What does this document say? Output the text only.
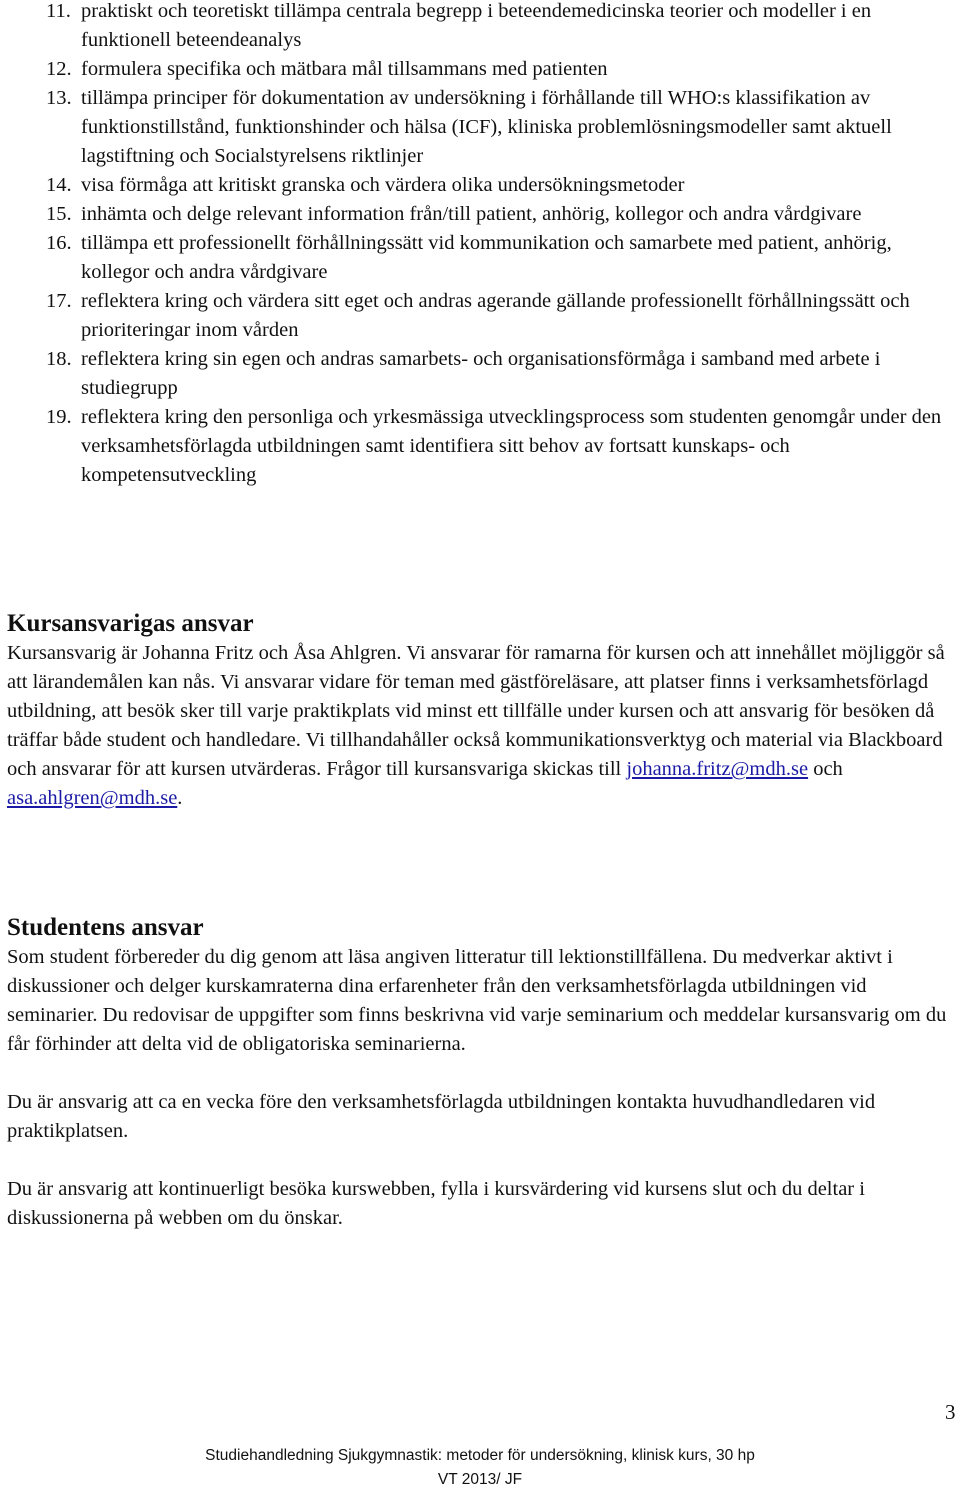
11. praktiskt och teoretiskt tillämpa centrala begrepp i beteendemedicinska teorier och modeller i en funktionell beteendeanalys
12. formulera specifika och mätbara mål tillsammans med patienten
13. tillämpa principer för dokumentation av undersökning i förhållande till WHO:s klassifikation av funktionstillstånd, funktionshinder och hälsa (ICF), kliniska problemlösningsmodeller samt aktuell lagstiftning och Socialstyrelsens riktlinjer
14. visa förmåga att kritiskt granska och värdera olika undersökningsmetoder
15. inhämta och delge relevant information från/till patient, anhörig, kollegor och andra vårdgivare
16. tillämpa ett professionellt förhållningssätt vid kommunikation och samarbete med patient, anhörig, kollegor och andra vårdgivare
17. reflektera kring och värdera sitt eget och andras agerande gällande professionellt förhållningssätt och prioriteringar inom vården
18. reflektera kring sin egen och andras samarbets- och organisationsförmåga i samband med arbete i studiegrupp
19. reflektera kring den personliga och yrkesmässiga utvecklingsprocess som studenten genomgår under den verksamhetsförlagda utbildningen samt identifiera sitt behov av fortsatt kunskaps- och kompetensutveckling
Kursansvarigas ansvar

Kursansvarig är Johanna Fritz och Åsa Ahlgren. Vi ansvarar för ramarna för kursen och att innehållet möjliggör så att lärandemålen kan nås. Vi ansvarar vidare för teman med gästföreläsare, att platser finns i verksamhetsförlagd utbildning, att besök sker till varje praktikplats vid minst ett tillfälle under kursen och att ansvarig för besöken då träffar både student och handledare. Vi tillhandahåller också kommunikationsverktyg och material via Blackboard och ansvarar för att kursen utvärderas. Frågor till kursansvariga skickas till johanna.fritz@mdh.se och asa.ahlgren@mdh.se.

Studentens ansvar

Som student förbereder du dig genom att läsa angiven litteratur till lektionstillfällena. Du medverkar aktivt i diskussioner och delger kurskamraterna dina erfarenheter från den verksamhetsförlagda utbildningen vid seminarier. Du redovisar de uppgifter som finns beskrivna vid varje seminarium och meddelar kursansvarig om du får förhinder att delta vid de obligatoriska seminarierna.

Du är ansvarig att ca en vecka före den verksamhetsförlagda utbildningen kontakta huvudhandledaren vid praktikplatsen.

Du är ansvarig att kontinuerligt besöka kurswebben, fylla i kursvärdering vid kursens slut och du deltar i diskussionerna på webben om du önskar.

3
Studiehandledning Sjukgymnastik: metoder för undersökning, klinisk kurs, 30 hp
VT 2013/ JF
